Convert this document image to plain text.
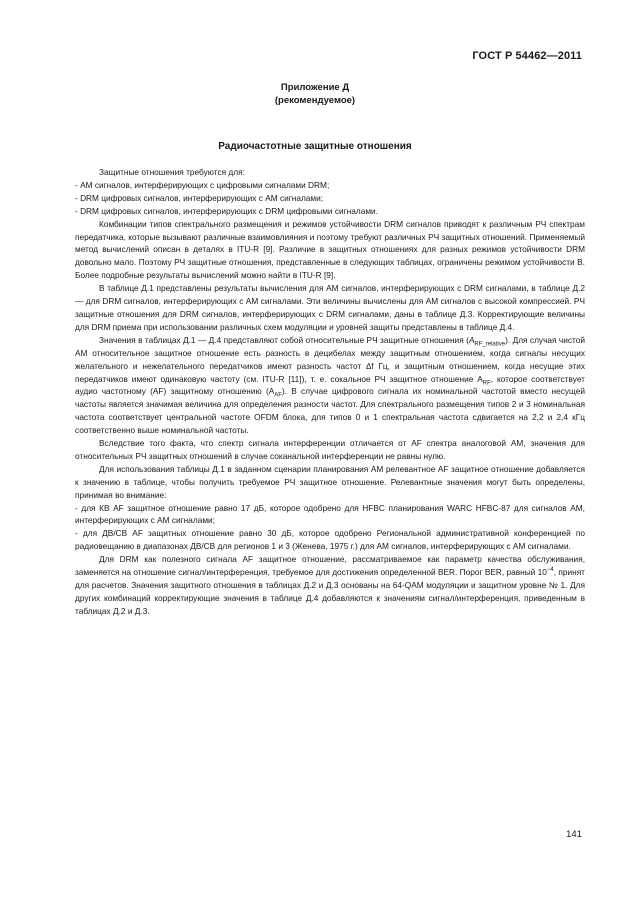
ГОСТ Р 54462—2011
Приложение Д
(рекомендуемое)
Радиочастотные защитные отношения

Защитные отношения требуются для:

- АМ сигналов, интерферирующих с цифровыми сигналами DRM;

- DRM цифровых сигналов, интерферирующих с АМ сигналами;

- DRM цифровых сигналов, интерферирующих с DRM цифровыми сигналами.

Комбинации типов спектрального размещения и режимов устойчивости DRM сигналов приводят к различным РЧ спектрам передатчика, которые вызывают различные взаимовлияния и поэтому требуют различных РЧ защитных отношений. Применяемый метод вычислений описан в деталях в ITU-R [9]. Различие в защитных отношениях для разных режимов устойчивости DRM довольно мало. Поэтому РЧ защитные отношения, представленные в следующих таблицах, ограничены режимом устойчивости B. Более подробные результаты вычислений можно найти в ITU-R [9].

В таблице Д.1 представлены результаты вычисления для АМ сигналов, интерферирующих с DRM сигналами, в таблице Д.2 — для DRM сигналов, интерферирующих с АМ сигналами. Эти величины вычислены для АМ сигналов с высокой компрессией. РЧ защитные отношения для DRM сигналов, интерферирующих с DRM сигналами, даны в таблице Д.3. Корректирующие величины для DRM приема при использовании различных схем модуляции и уровней защиты представлены в таблице Д.4.

Значения в таблицах Д.1 — Д.4 представляют собой относительные РЧ защитные отношения $(A_{RF\_relative})$. Для случая чистой АМ относительное защитное отношение есть разность в децибелах между защитным отношением, когда сигналы несущих желательного и нежелательного передатчиков имеют разность частот ∆f Гц, и защитным отношением, когда несущие этих передатчиков имеют одинаковую частоту (см. ITU-R [11]), т. е. сокальное РЧ защитное отношение $A_{RF}$, которое соответствует аудио частотному (AF) защитному отношению $(A_{AF})$. В случае цифрового сигнала их номинальной частотой вместо несущей частоты является значимая величина для определения разности частот. Для спектрального размещения типов 2 и 3 номинальная частота соответствует центральной частоте OFDM блока, для типов 0 и 1 спектральная частота сдвигается на 2,2 и 2,4 кГц соответственно выше номинальной частоты.

Вследствие того факта, что спектр сигнала интерференции отличается от AF спектра аналоговой АМ, значения для относительных РЧ защитных отношений в случае соканальной интерференции не равны нулю.

Для использования таблицы Д.1 в заданном сценарии планирования АМ релевантное AF защитное отношение добавляется к значению в таблице, чтобы получить требуемое РЧ защитное отношение. Релевантные значения могут быть определены, принимая во внимание:

- для КВ AF защитное отношение равно 17 дБ, которое одобрено для HFBC планирования WARC HFBC-87 для сигналов АМ, интерферирующих с АМ сигналами;

- для ДВ/СВ AF защитных отношение равно 30 дБ, которое одобрено Региональной административной конференцией по радиовещанию в диапазонах ДВ/СВ для регионов 1 и 3 (Женева, 1975 г.) для АМ сигналов, интерферирующих с АМ сигналами.

Для DRM как полезного сигнала AF защитное отношение, рассматриваемое как параметр качества обслуживания, заменяется на отношение сигнал/интерференция, требуемое для достижения определенной BER. Порог BER, равный $10^{-4}$, принят для расчетов. Значения защитного отношения в таблицах Д.2 и Д.3 основаны на 64-QAM модуляции и защитном уровне № 1. Для других комбинаций корректирующие значения в таблице Д.4 добавляются к значениям сигнал/интерференция, приведенным в таблицах Д.2 и Д.3.

141
